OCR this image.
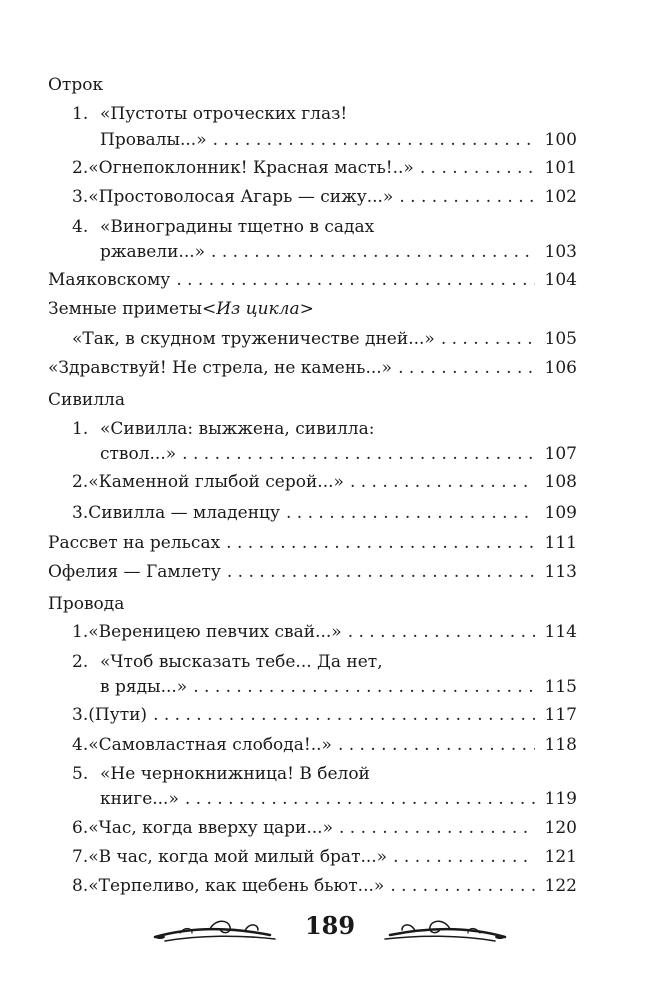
Отрок
1. «Пустоты отроческих глаз!
Провалы...» . . .	100
2. «Огнепоклонник! Красная масть!..» . . .	101
3. «Простоволосая Агарь — сижу...» . . .	102
4. «Виноградины тщетно в садах
ржавели...» . . .	103
Маяковскому . . .	104
Земные приметы <Из цикла>
«Так, в скудном труженичестве дней...» . . .	105
«Здравствуй! Не стрела, не камень...» . . .	106
Сивилла
1. «Сивилла: выжжена, сивилла:
ствол...» . . .	107
2. «Каменной глыбой серой...» . . .	108
3. Сивилла — младенцу . . .	109
Рассвет на рельсах . . .	111
Офелия — Гамлету . . .	113
Провода
1. «Вереницею певчих свай...» . . .	114
2. «Чтоб высказать тебе... Да нет,
в ряды...» . . .	115
3. (Пути) . . .	117
4. «Самовластная слобода!..» . . .	118
5. «Не чернокнижница! В белой
книге...» . . .	119
6. «Час, когда вверху цари...» . . .	120
7. «В час, когда мой милый брат...» . . .	121
8. «Терпеливо, как щебень бьют...» . . .	122
189
